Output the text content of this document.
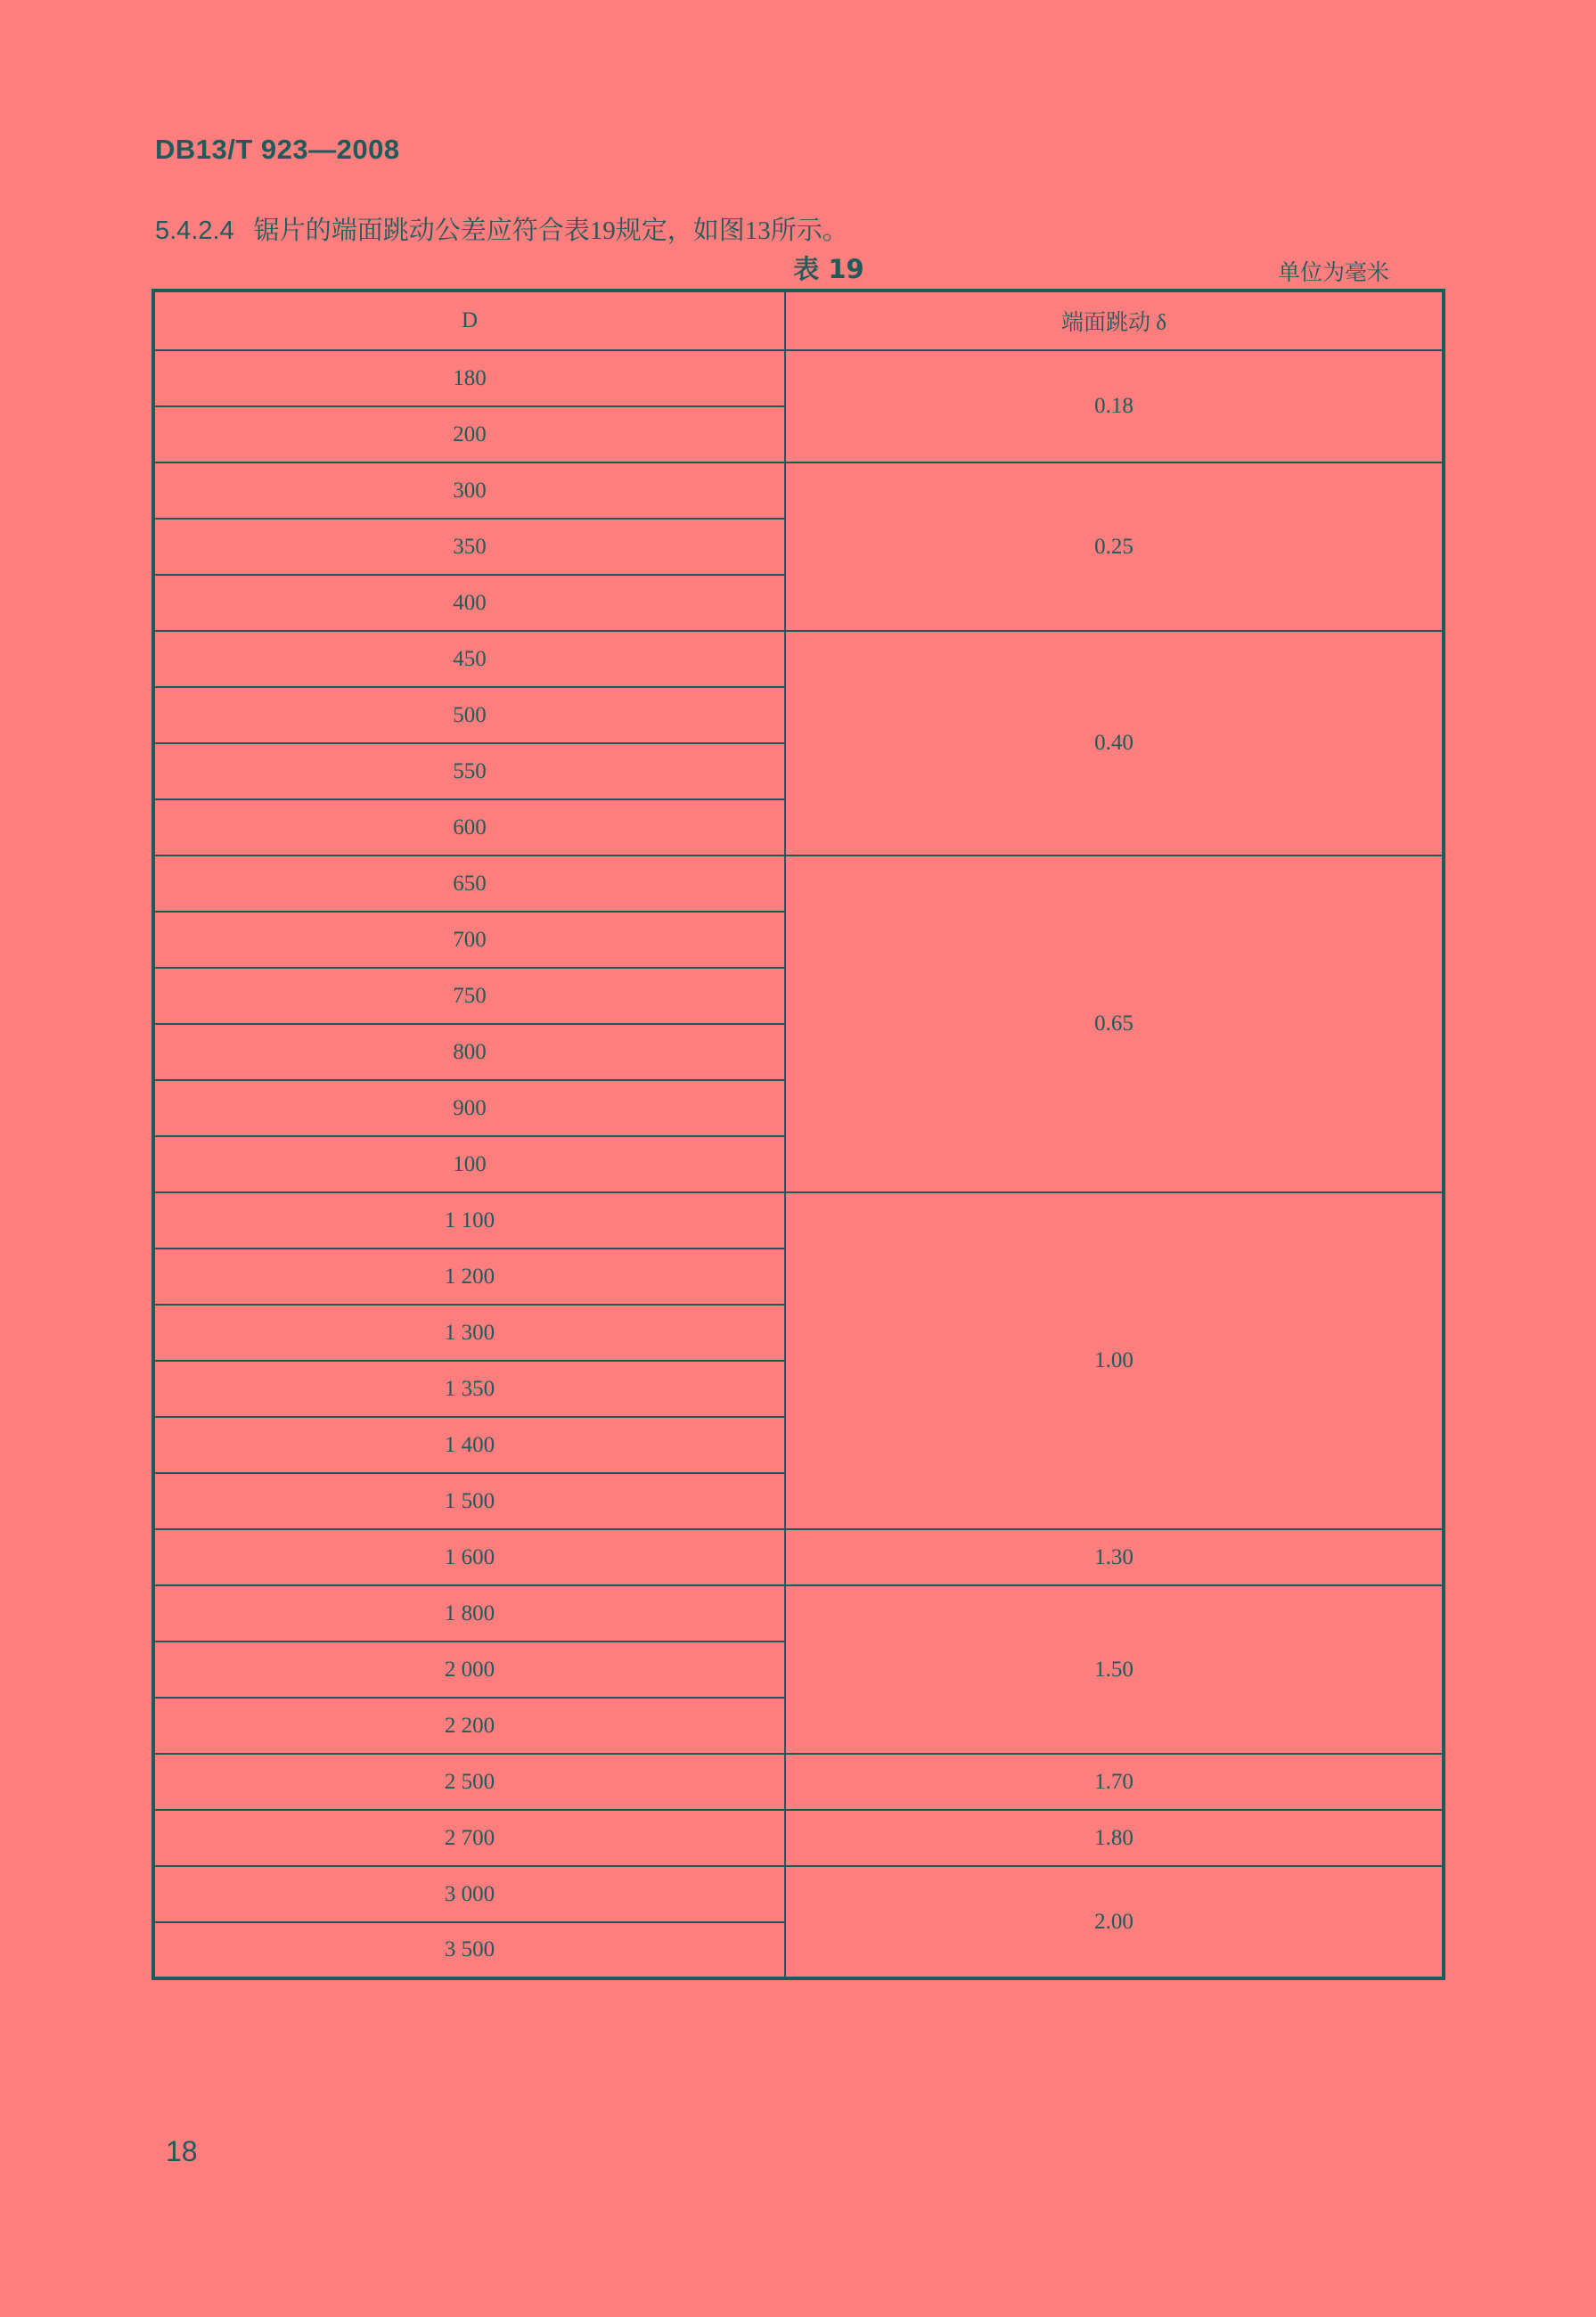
DB13/T 923—2008
5.4.2.4 锯片的端面跳动公差应符合表19规定，如图13所示。
表 19	单位为毫米
D	端面跳动 δ
180	0.18
200	
300	0.25
350	
400	
450	0.40
500	
550	
600	
650	0.65
700	
750	
800	
900	
100	
1 100	1.00
1 200	
1 300	
1 350	
1 400	
1 500	
1 600	1.30
1 800	1.50
2 000	
2 200	
2 500	1.70
2 700	1.80
3 000	2.00
3 500	
18
